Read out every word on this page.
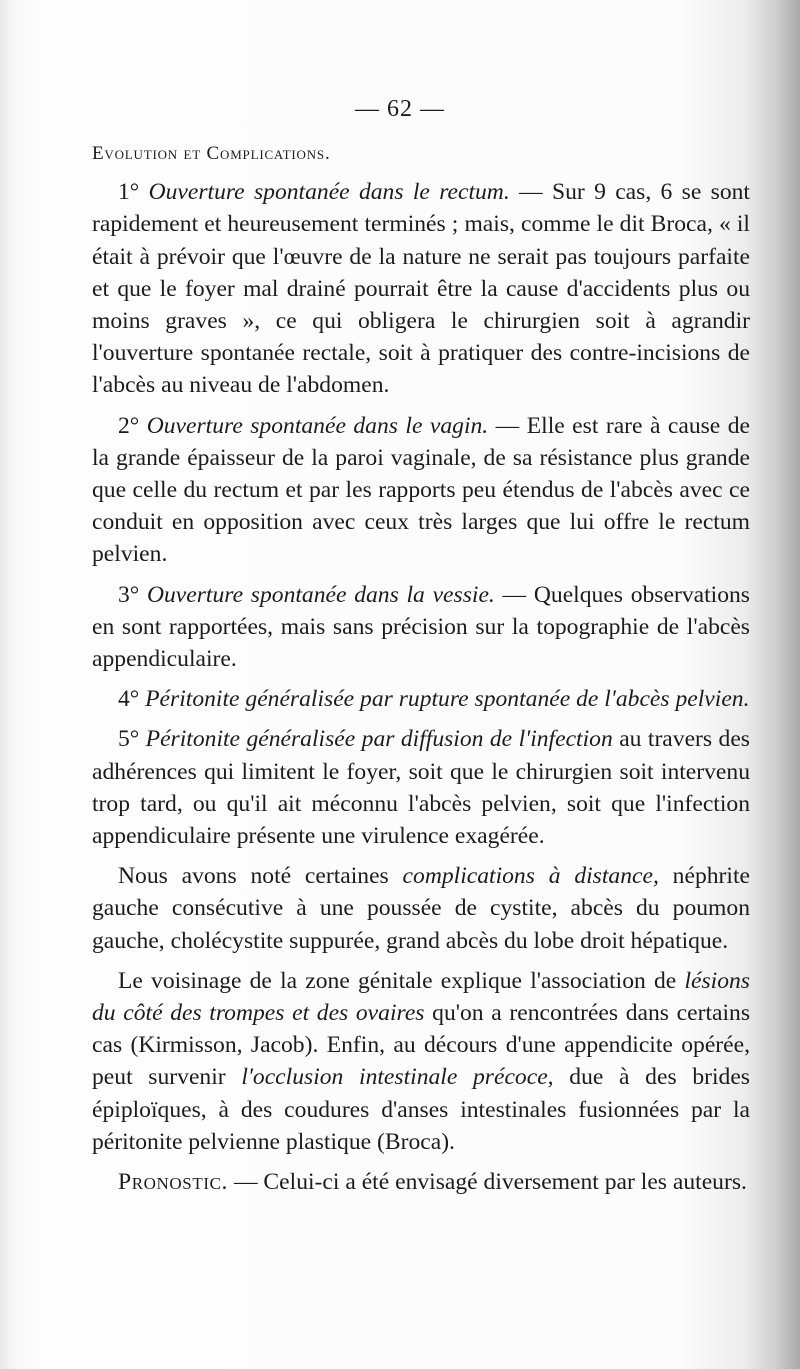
— 62 —

Evolution et Complications.

1° Ouverture spontanée dans le rectum. — Sur 9 cas, 6 se sont rapidement et heureusement terminés ; mais, comme le dit Broca, « il était à prévoir que l'œuvre de la nature ne serait pas toujours parfaite et que le foyer mal drainé pourrait être la cause d'accidents plus ou moins graves », ce qui obligera le chirurgien soit à agrandir l'ouverture spontanée rectale, soit à pratiquer des contre-incisions de l'abcès au niveau de l'abdomen.

2° Ouverture spontanée dans le vagin. — Elle est rare à cause de la grande épaisseur de la paroi vaginale, de sa résistance plus grande que celle du rectum et par les rapports peu étendus de l'abcès avec ce conduit en opposition avec ceux très larges que lui offre le rectum pelvien.

3° Ouverture spontanée dans la vessie. — Quelques observations en sont rapportées, mais sans précision sur la topographie de l'abcès appendiculaire.

4° Péritonite généralisée par rupture spontanée de l'abcès pelvien.

5° Péritonite généralisée par diffusion de l'infection au travers des adhérences qui limitent le foyer, soit que le chirurgien soit intervenu trop tard, ou qu'il ait méconnu l'abcès pelvien, soit que l'infection appendiculaire présente une virulence exagérée.

Nous avons noté certaines complications à distance, néphrite gauche consécutive à une poussée de cystite, abcès du poumon gauche, cholécystite suppurée, grand abcès du lobe droit hépatique.

Le voisinage de la zone génitale explique l'association de lésions du côté des trompes et des ovaires qu'on a rencontrées dans certains cas (Kirmisson, Jacob). Enfin, au décours d'une appendicite opérée, peut survenir l'occlusion intestinale précoce, due à des brides épiploïques, à des coudures d'anses intestinales fusionnées par la péritonite pelvienne plastique (Broca).

Pronostic. — Celui-ci a été envisagé diversement par les auteurs.
